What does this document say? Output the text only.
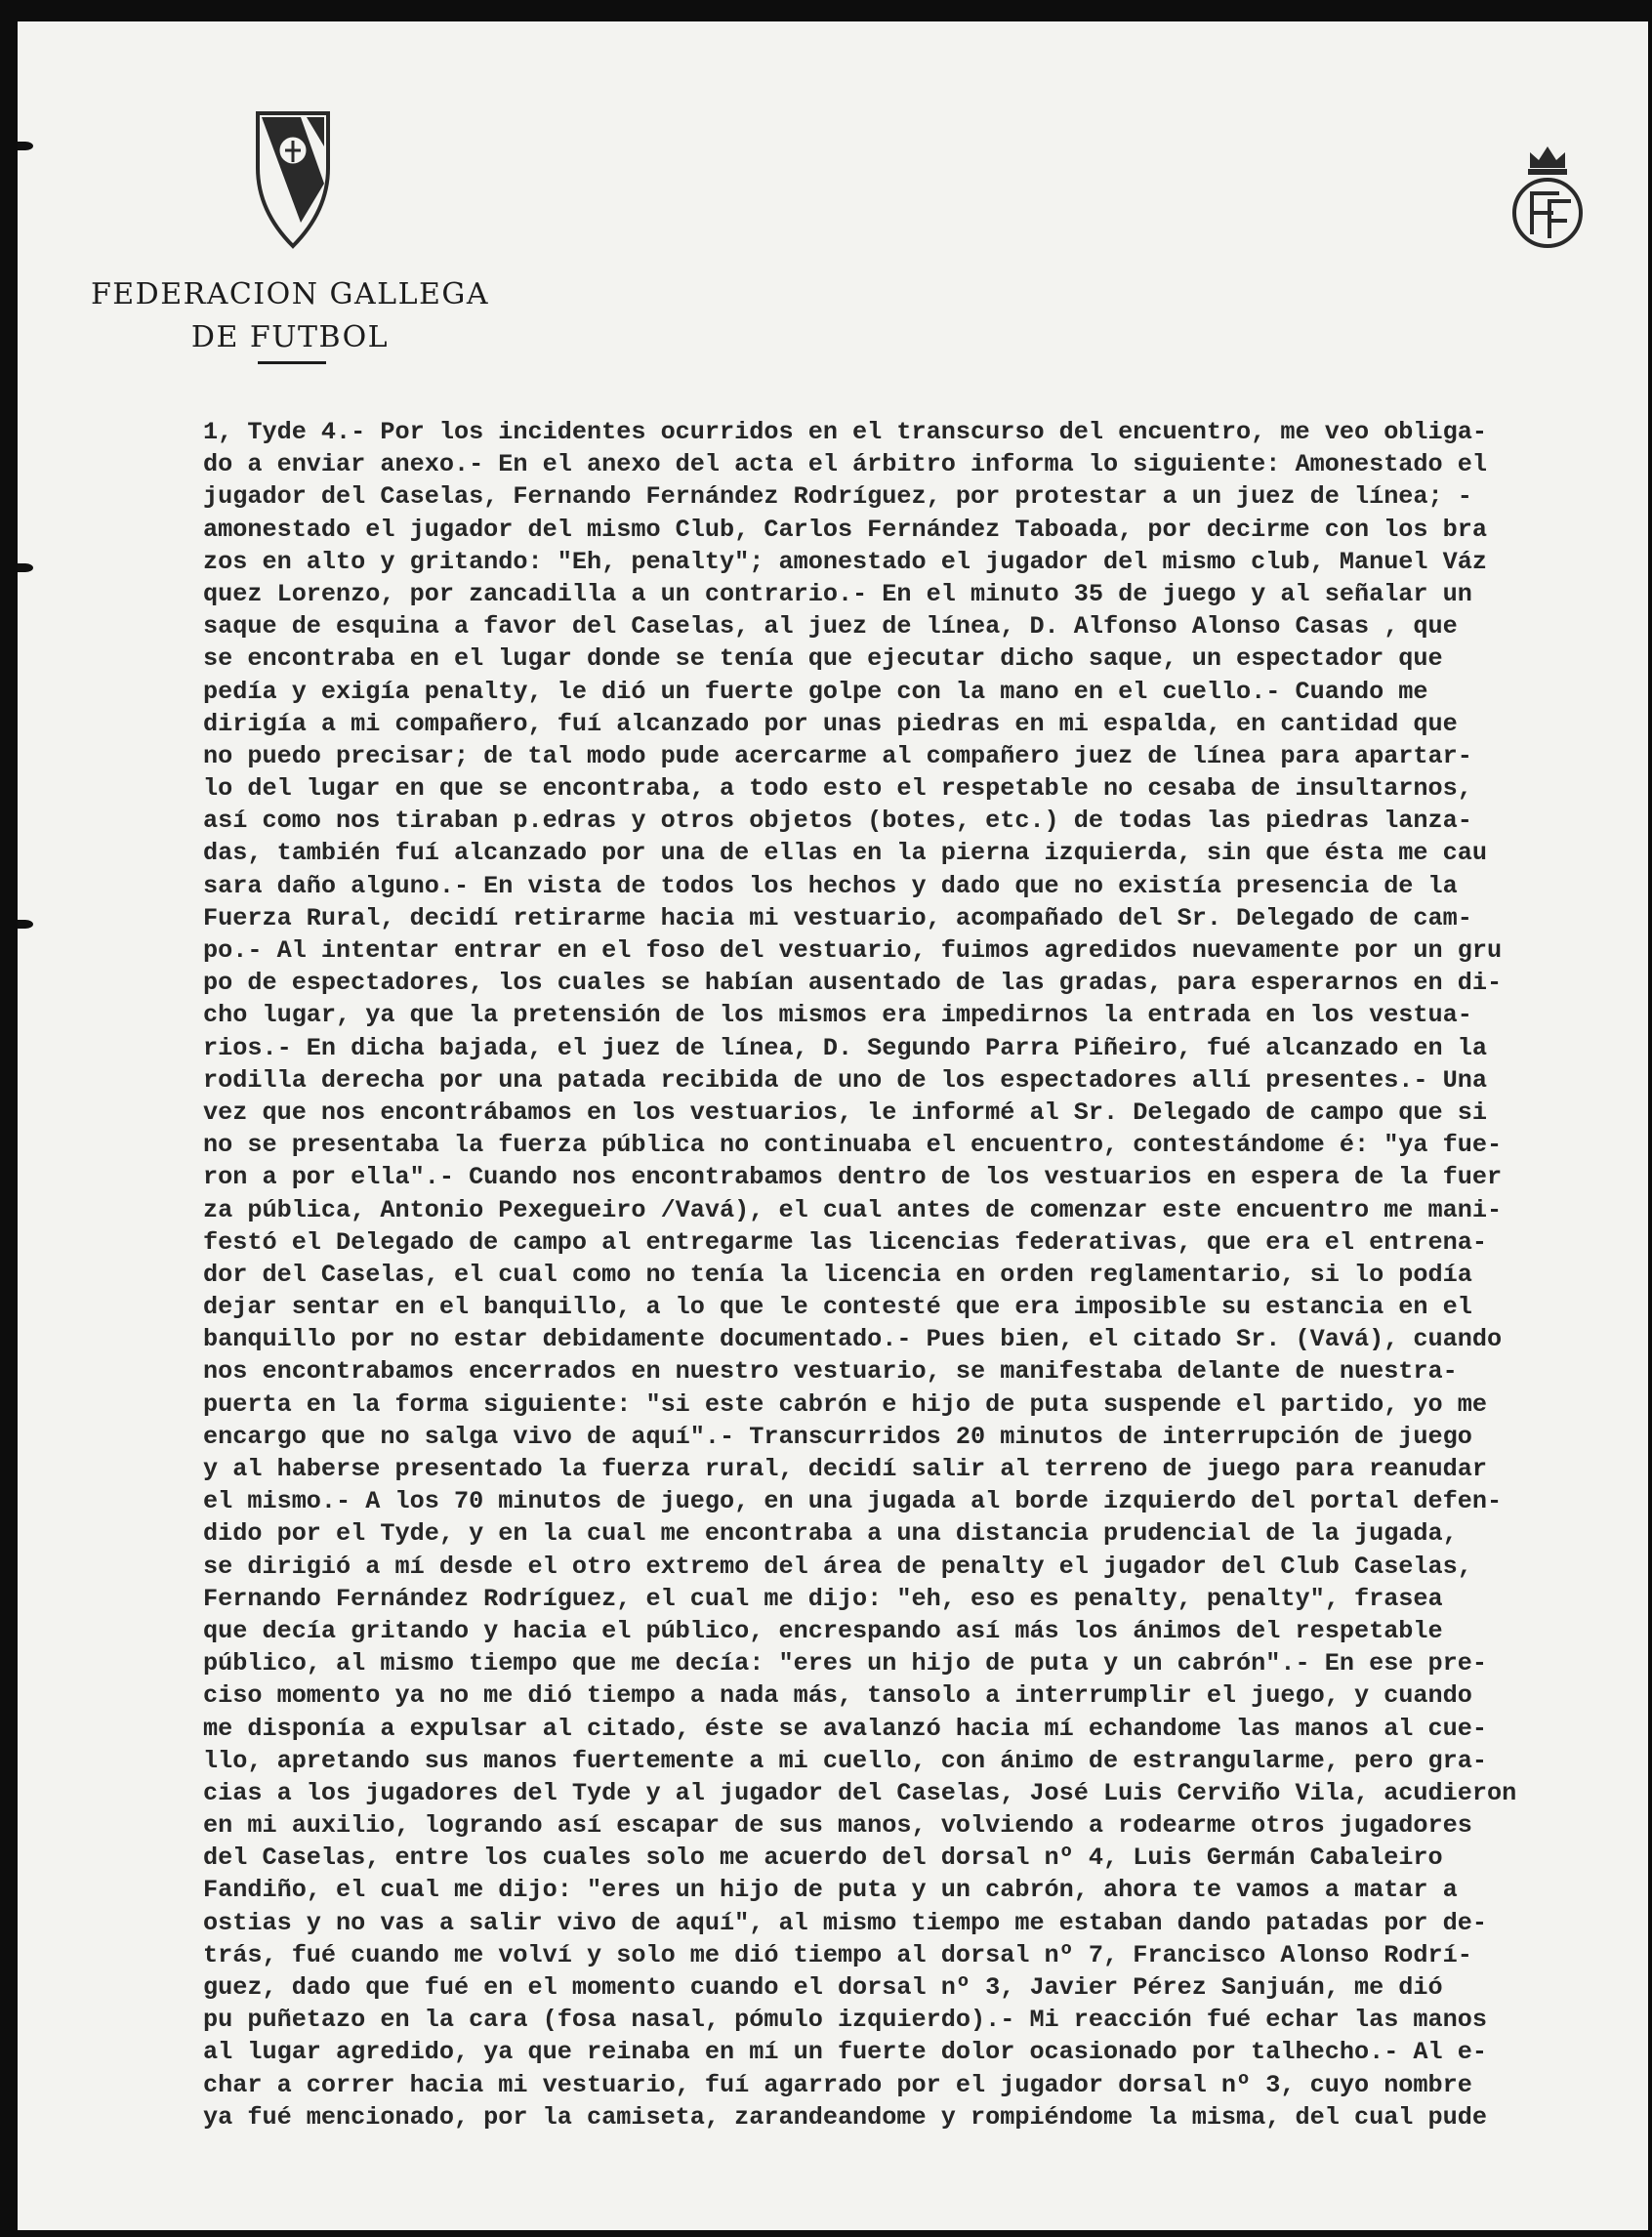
FEDERACION GALLEGA
DE FUTBOL
1, Tyde 4.- Por los incidentes ocurridos en el transcurso del encuentro, me veo obliga-
do a enviar anexo.- En el anexo del acta el árbitro informa lo siguiente: Amonestado el
jugador del Caselas, Fernando Fernández Rodríguez, por protestar a un juez de línea; -
amonestado el jugador del mismo Club, Carlos Fernández Taboada, por decirme con los bra
zos en alto y gritando: "Eh, penalty"; amonestado el jugador del mismo club, Manuel Váz
quez Lorenzo, por zancadilla a un contrario.- En el minuto 35 de juego y al señalar un
saque de esquina a favor del Caselas, al juez de línea, D. Alfonso Alonso Casas , que
se encontraba en el lugar donde se tenía que ejecutar dicho saque, un espectador que
pedía y exigía penalty, le dió un fuerte golpe con la mano en el cuello.- Cuando me
dirigía a mi compañero, fuí alcanzado por unas piedras en mi espalda, en cantidad que
no puedo precisar; de tal modo pude acercarme al compañero juez de línea para apartar-
lo del lugar en que se encontraba, a todo esto el respetable no cesaba de insultarnos,
así como nos tiraban p.edras y otros objetos (botes, etc.) de todas las piedras lanza-
das, también fuí alcanzado por una de ellas en la pierna izquierda, sin que ésta me cau
sara daño alguno.- En vista de todos los hechos y dado que no existía presencia de la
Fuerza Rural, decidí retirarme hacia mi vestuario, acompañado del Sr. Delegado de cam-
po.- Al intentar entrar en el foso del vestuario, fuimos agredidos nuevamente por un gru
po de espectadores, los cuales se habían ausentado de las gradas, para esperarnos en di-
cho lugar, ya que la pretensión de los mismos era impedirnos la entrada en los vestua-
rios.- En dicha bajada, el juez de línea, D. Segundo Parra Piñeiro, fué alcanzado en la
rodilla derecha por una patada recibida de uno de los espectadores allí presentes.- Una
vez que nos encontrábamos en los vestuarios, le informé al Sr. Delegado de campo que si
no se presentaba la fuerza pública no continuaba el encuentro, contestándome é: "ya fue-
ron a por ella".- Cuando nos encontrabamos dentro de los vestuarios en espera de la fuer
za pública, Antonio Pexegueiro /Vavá), el cual antes de comenzar este encuentro me mani-
festó el Delegado de campo al entregarme las licencias federativas, que era el entrena-
dor del Caselas, el cual como no tenía la licencia en orden reglamentario, si lo podía
dejar sentar en el banquillo, a lo que le contesté que era imposible su estancia en el
banquillo por no estar debidamente documentado.- Pues bien, el citado Sr. (Vavá), cuando
nos encontrabamos encerrados en nuestro vestuario, se manifestaba delante de nuestra-
puerta en la forma siguiente: "si este cabrón e hijo de puta suspende el partido, yo me
encargo que no salga vivo de aquí".- Transcurridos 20 minutos de interrupción de juego
y al haberse presentado la fuerza rural, decidí salir al terreno de juego para reanudar
el mismo.- A los 70 minutos de juego, en una jugada al borde izquierdo del portal defen-
dido por el Tyde, y en la cual me encontraba a una distancia prudencial de la jugada,
se dirigió a mí desde el otro extremo del área de penalty el jugador del Club Caselas,
Fernando Fernández Rodríguez, el cual me dijo: "eh, eso es penalty, penalty", frasea
que decía gritando y hacia el público, encrespando así más los ánimos del respetable
público, al mismo tiempo que me decía: "eres un hijo de puta y un cabrón".- En ese pre-
ciso momento ya no me dió tiempo a nada más, tansolo a interrumplir el juego, y cuando
me disponía a expulsar al citado, éste se avalanzó hacia mí echandome las manos al cue-
llo, apretando sus manos fuertemente a mi cuello, con ánimo de estrangularme, pero gra-
cias a los jugadores del Tyde y al jugador del Caselas, José Luis Cerviño Vila, acudieron
en mi auxilio, logrando así escapar de sus manos, volviendo a rodearme otros jugadores
del Caselas, entre los cuales solo me acuerdo del dorsal nº 4, Luis Germán Cabaleiro
Fandiño, el cual me dijo: "eres un hijo de puta y un cabrón, ahora te vamos a matar a
ostias y no vas a salir vivo de aquí", al mismo tiempo me estaban dando patadas por de-
trás, fué cuando me volví y solo me dió tiempo al dorsal nº 7, Francisco Alonso Rodrí-
guez, dado que fué en el momento cuando el dorsal nº 3, Javier Pérez Sanjuán, me dió
pu puñetazo en la cara (fosa nasal, pómulo izquierdo).- Mi reacción fué echar las manos
al lugar agredido, ya que reinaba en mí un fuerte dolor ocasionado por talhecho.- Al e-
char a correr hacia mi vestuario, fuí agarrado por el jugador dorsal nº 3, cuyo nombre
ya fué mencionado, por la camiseta, zarandeandome y rompiéndome la misma, del cual pude
